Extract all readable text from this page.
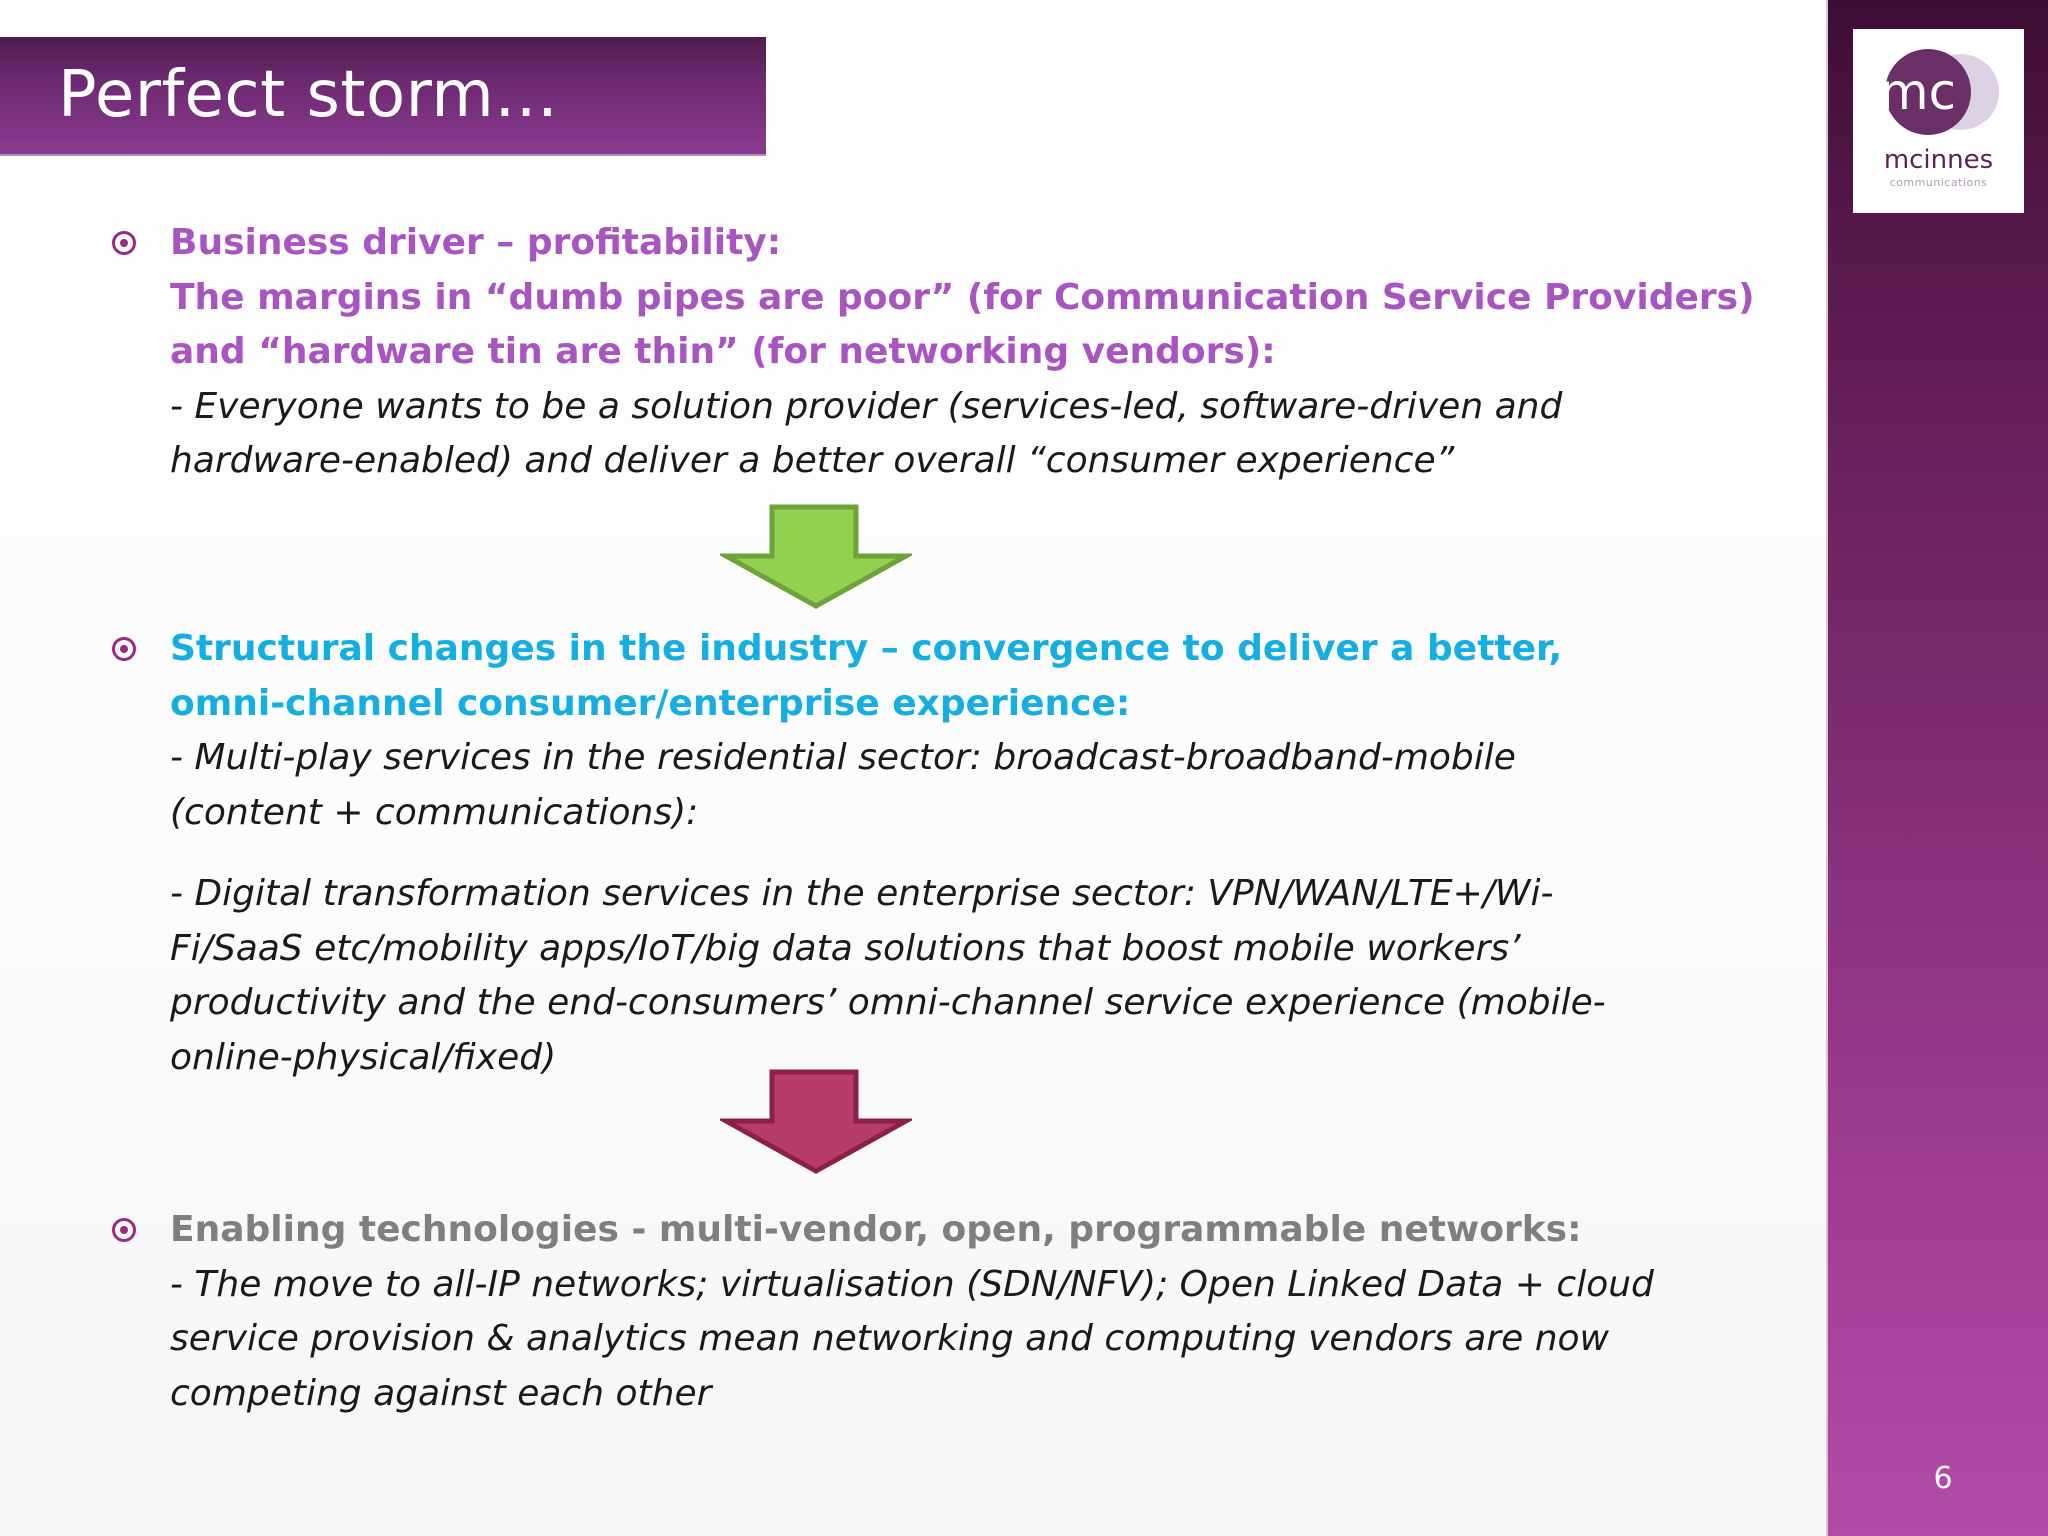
Perfect storm…	mc
mcinnes
communications
Business driver – profitability:
The margins in “dumb pipes are poor” (for Communication Service Providers)
and “hardware tin are thin” (for networking vendors):
- Everyone wants to be a solution provider (services-led, software-driven and
hardware-enabled) and deliver a better overall “consumer experience”
Structural changes in the industry – convergence to deliver a better,
omni-channel consumer/enterprise experience:
- Multi-play services in the residential sector: broadcast-broadband-mobile
(content + communications):
- Digital transformation services in the enterprise sector: VPN/WAN/LTE+/Wi-
Fi/SaaS etc/mobility apps/IoT/big data solutions that boost mobile workers’
productivity and the end-consumers’ omni-channel service experience (mobile-
online-physical/fixed)
Enabling technologies - multi-vendor, open, programmable networks:
- The move to all-IP networks; virtualisation (SDN/NFV); Open Linked Data + cloud
service provision & analytics mean networking and computing vendors are now
competing against each other
6
